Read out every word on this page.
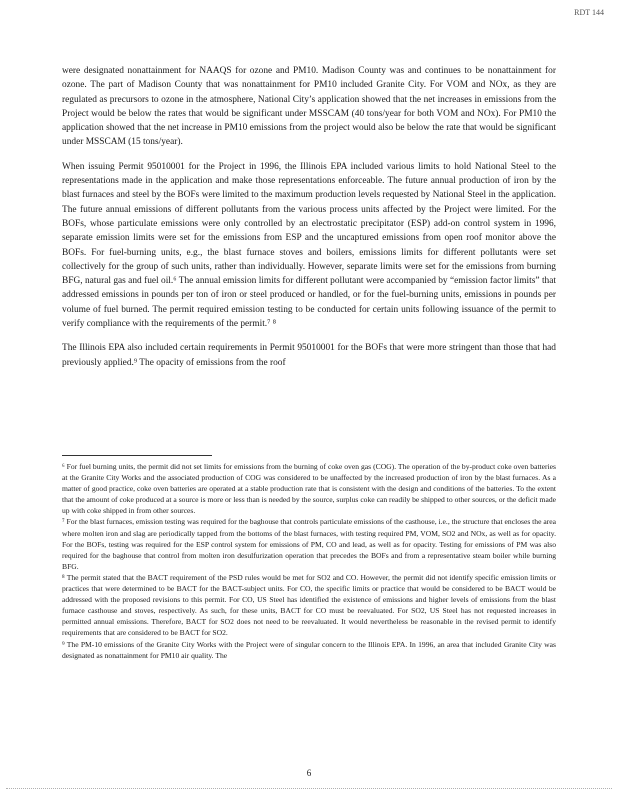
RDT 144

were designated nonattainment for NAAQS for ozone and PM10. Madison County was and continues to be nonattainment for ozone. The part of Madison County that was nonattainment for PM10 included Granite City. For VOM and NOx, as they are regulated as precursors to ozone in the atmosphere, National City’s application showed that the net increases in emissions from the Project would be below the rates that would be significant under MSSCAM (40 tons/year for both VOM and NOx). For PM10 the application showed that the net increase in PM10 emissions from the project would also be below the rate that would be significant under MSSCAM (15 tons/year).

When issuing Permit 95010001 for the Project in 1996, the Illinois EPA included various limits to hold National Steel to the representations made in the application and make those representations enforceable. The future annual production of iron by the blast furnaces and steel by the BOFs were limited to the maximum production levels requested by National Steel in the application. The future annual emissions of different pollutants from the various process units affected by the Project were limited. For the BOFs, whose particulate emissions were only controlled by an electrostatic precipitator (ESP) add-on control system in 1996, separate emission limits were set for the emissions from ESP and the uncaptured emissions from open roof monitor above the BOFs. For fuel-burning units, e.g., the blast furnace stoves and boilers, emissions limits for different pollutants were set collectively for the group of such units, rather than individually. However, separate limits were set for the emissions from burning BFG, natural gas and fuel oil.⁶ The annual emission limits for different pollutant were accompanied by “emission factor limits” that addressed emissions in pounds per ton of iron or steel produced or handled, or for the fuel-burning units, emissions in pounds per volume of fuel burned. The permit required emission testing to be conducted for certain units following issuance of the permit to verify compliance with the requirements of the permit.⁷ ⁸

The Illinois EPA also included certain requirements in Permit 95010001 for the BOFs that were more stringent than those that had previously applied.⁹ The opacity of emissions from the roof

⁶ For fuel burning units, the permit did not set limits for emissions from the burning of coke oven gas (COG). The operation of the by-product coke oven batteries at the Granite City Works and the associated production of COG was considered to be unaffected by the increased production of iron by the blast furnaces. As a matter of good practice, coke oven batteries are operated at a stable production rate that is consistent with the design and conditions of the batteries. To the extent that the amount of coke produced at a source is more or less than is needed by the source, surplus coke can readily be shipped to other sources, or the deficit made up with coke shipped in from other sources.

⁷ For the blast furnaces, emission testing was required for the baghouse that controls particulate emissions of the casthouse, i.e., the structure that encloses the area where molten iron and slag are periodically tapped from the bottoms of the blast furnaces, with testing required PM, VOM, SO2 and NOx, as well as for opacity. For the BOFs, testing was required for the ESP control system for emissions of PM, CO and lead, as well as for opacity. Testing for emissions of PM was also required for the baghouse that control from molten iron desulfurization operation that precedes the BOFs and from a representative steam boiler while burning BFG.

⁸ The permit stated that the BACT requirement of the PSD rules would be met for SO2 and CO. However, the permit did not identify specific emission limits or practices that were determined to be BACT for the BACT-subject units. For CO, the specific limits or practice that would be considered to be BACT would be addressed with the proposed revisions to this permit. For CO, US Steel has identified the existence of emissions and higher levels of emissions from the blast furnace casthouse and stoves, respectively. As such, for these units, BACT for CO must be reevaluated. For SO2, US Steel has not requested increases in permitted annual emissions. Therefore, BACT for SO2 does not need to be reevaluated. It would nevertheless be reasonable in the revised permit to identify requirements that are considered to be BACT for SO2.

⁹ The PM-10 emissions of the Granite City Works with the Project were of singular concern to the Illinois EPA. In 1996, an area that included Granite City was designated as nonattainment for PM10 air quality. The

6
